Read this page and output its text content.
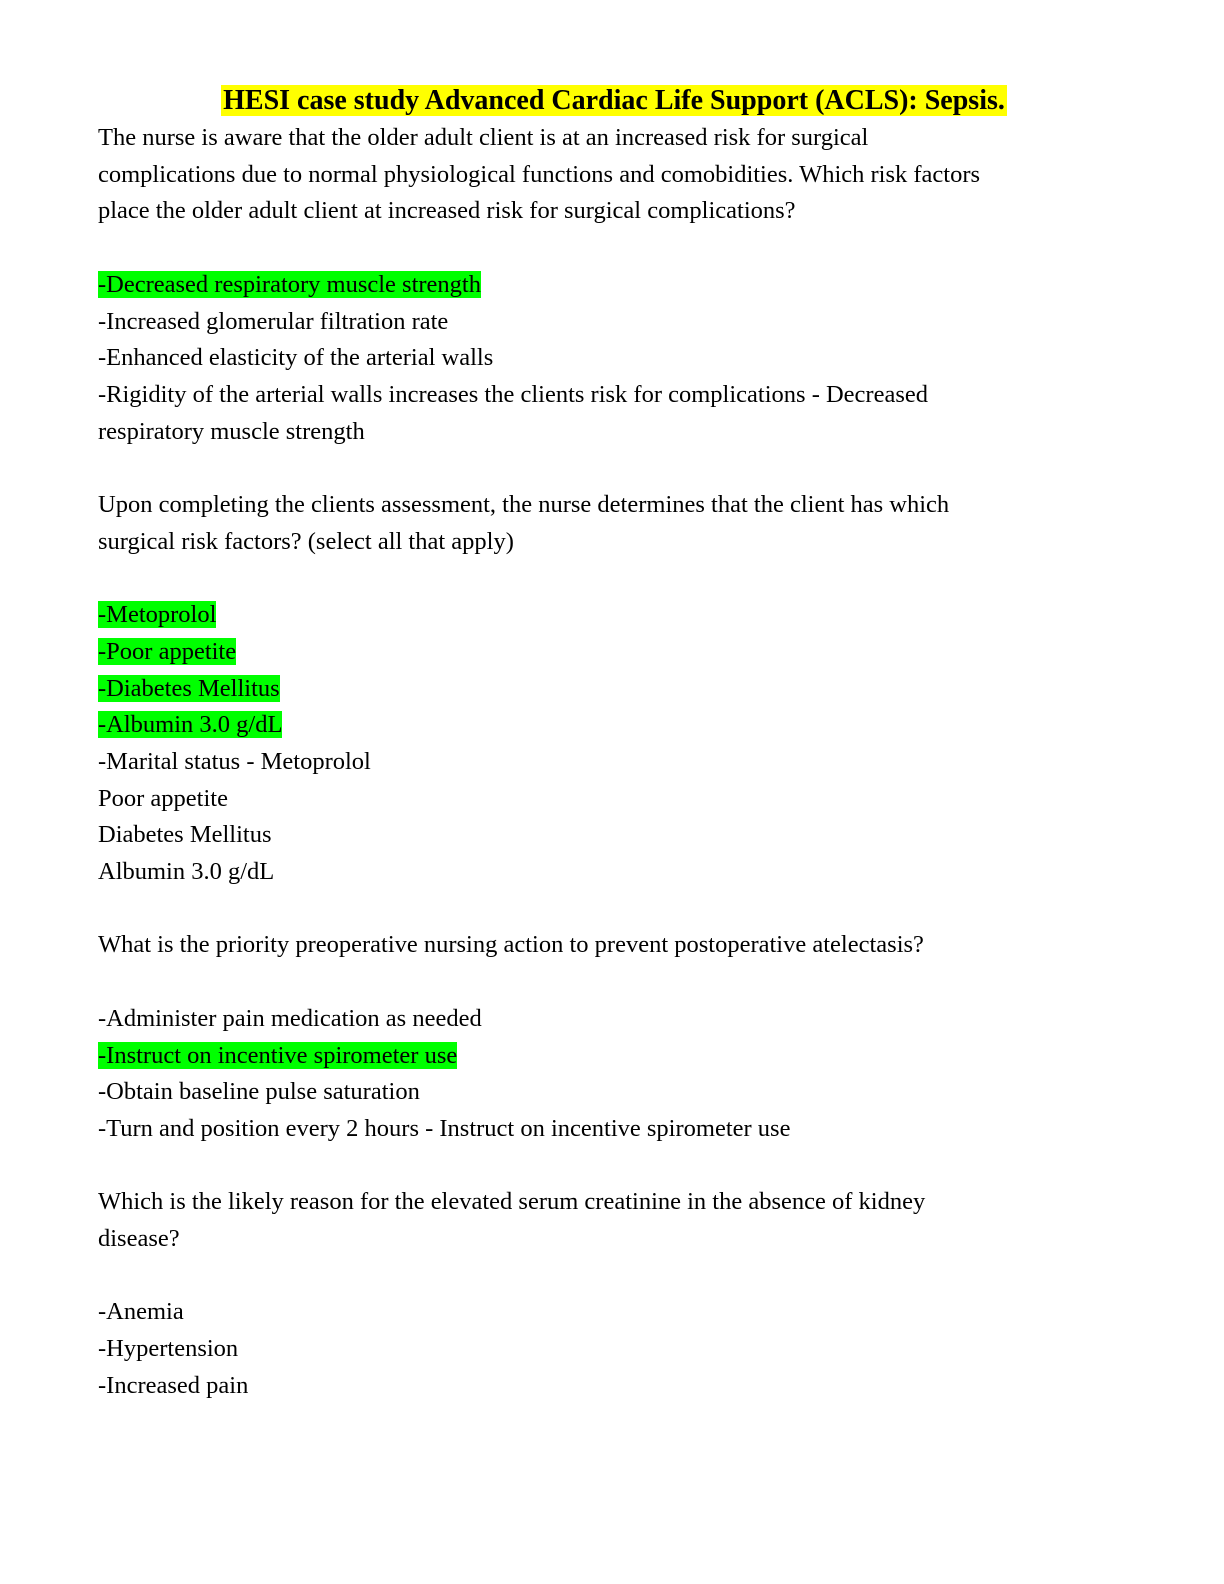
HESI case study Advanced Cardiac Life Support (ACLS): Sepsis.

The nurse is aware that the older adult client is at an increased risk for surgical

complications due to normal physiological functions and comobidities. Which risk factors

place the older adult client at increased risk for surgical complications?

-Decreased respiratory muscle strength

-Increased glomerular filtration rate

-Enhanced elasticity of the arterial walls

-Rigidity of the arterial walls increases the clients risk for complications - Decreased

respiratory muscle strength

Upon completing the clients assessment, the nurse determines that the client has which

surgical risk factors? (select all that apply)

-Metoprolol

-Poor appetite

-Diabetes Mellitus

-Albumin 3.0 g/dL

-Marital status - Metoprolol

Poor appetite

Diabetes Mellitus

Albumin 3.0 g/dL

What is the priority preoperative nursing action to prevent postoperative atelectasis?

-Administer pain medication as needed

-Instruct on incentive spirometer use

-Obtain baseline pulse saturation

-Turn and position every 2 hours - Instruct on incentive spirometer use

Which is the likely reason for the elevated serum creatinine in the absence of kidney

disease?

-Anemia

-Hypertension

-Increased pain
